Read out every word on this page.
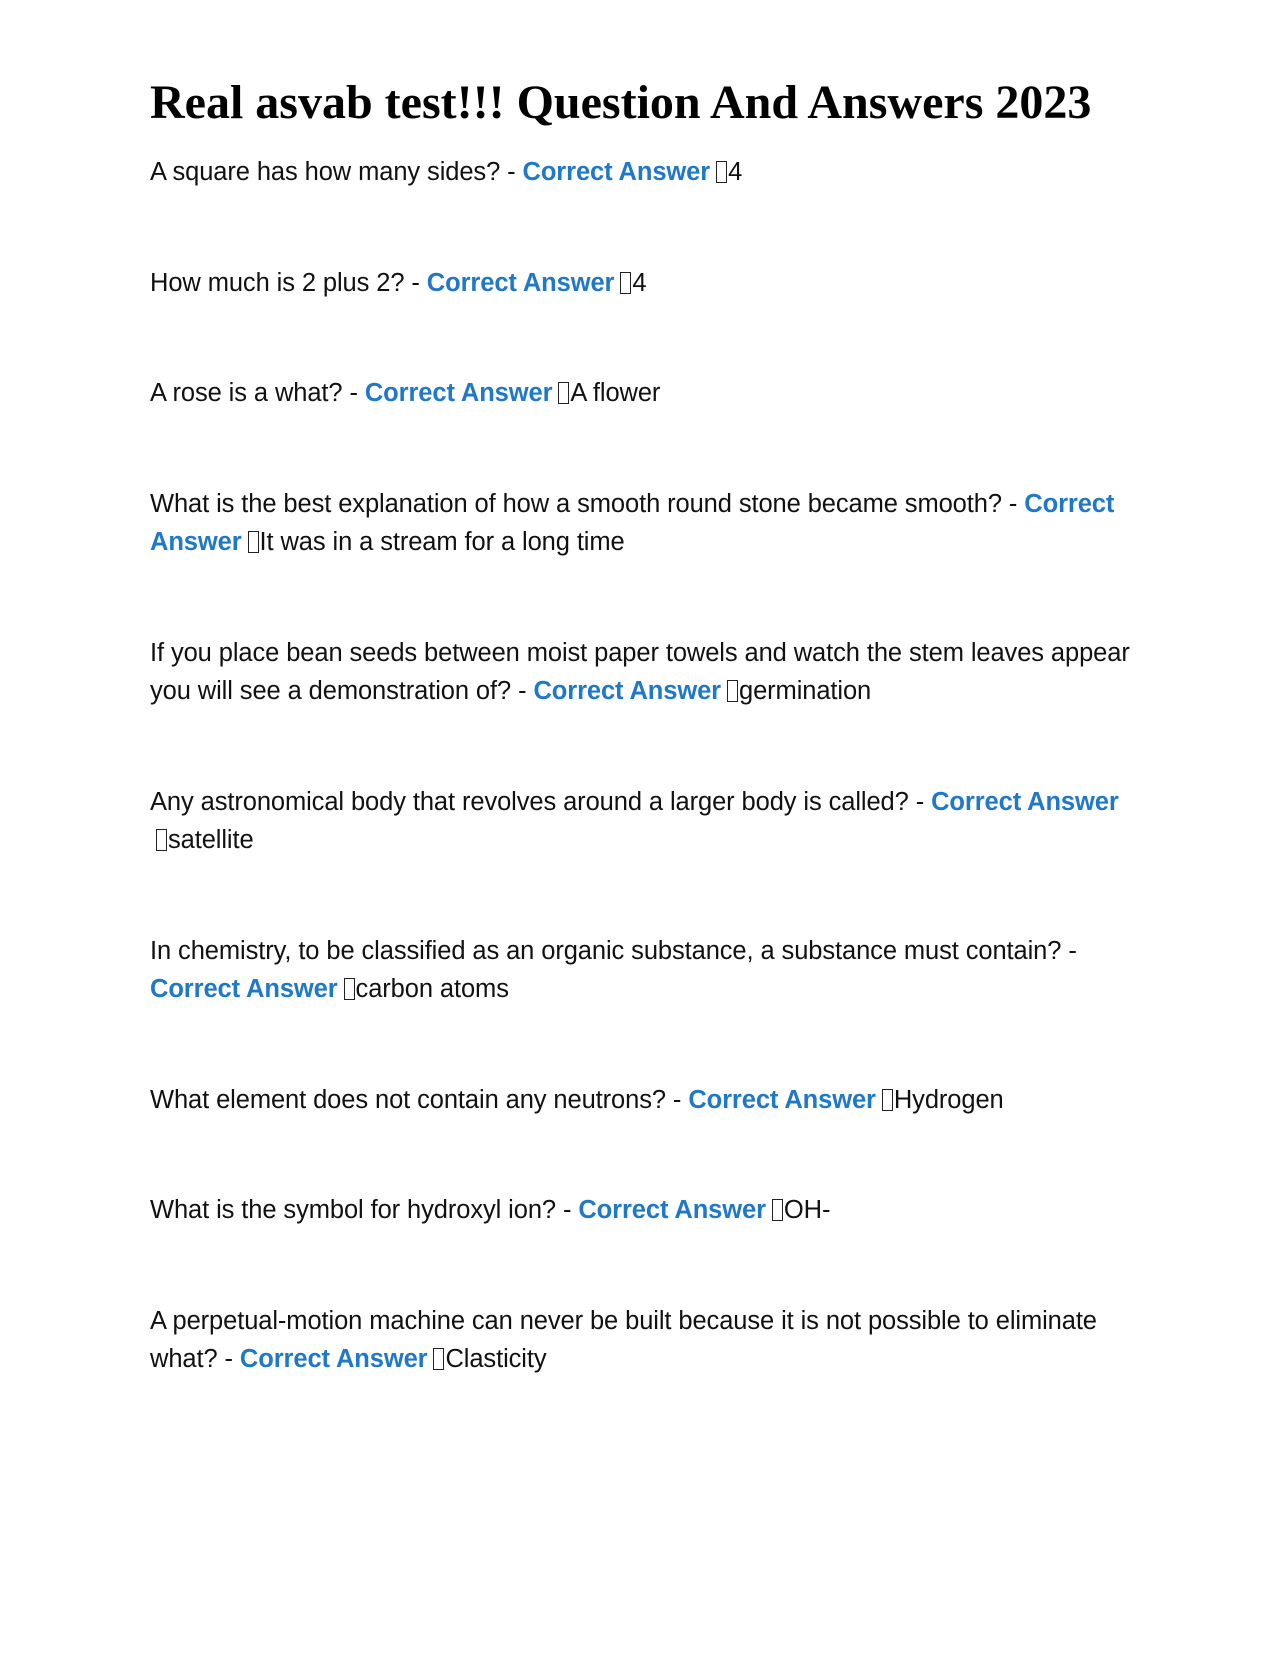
Real asvab test!!! Question And Answers 2023
A square has how many sides? - Correct Answer 4
How much is 2 plus 2? - Correct Answer 4
A rose is a what? - Correct Answer A flower
What is the best explanation of how a smooth round stone became smooth? - Correct Answer It was in a stream for a long time
If you place bean seeds between moist paper towels and watch the stem leaves appear you will see a demonstration of? - Correct Answer germination
Any astronomical body that revolves around a larger body is called? - Correct Answersatellite
In chemistry, to be classified as an organic substance, a substance must contain? - Correct Answer carbon atoms
What element does not contain any neutrons? - Correct Answer Hydrogen
What is the symbol for hydroxyl ion? - Correct Answer OH-
A perpetual-motion machine can never be built because it is not possible to eliminate what? - Correct Answer Clasticity
